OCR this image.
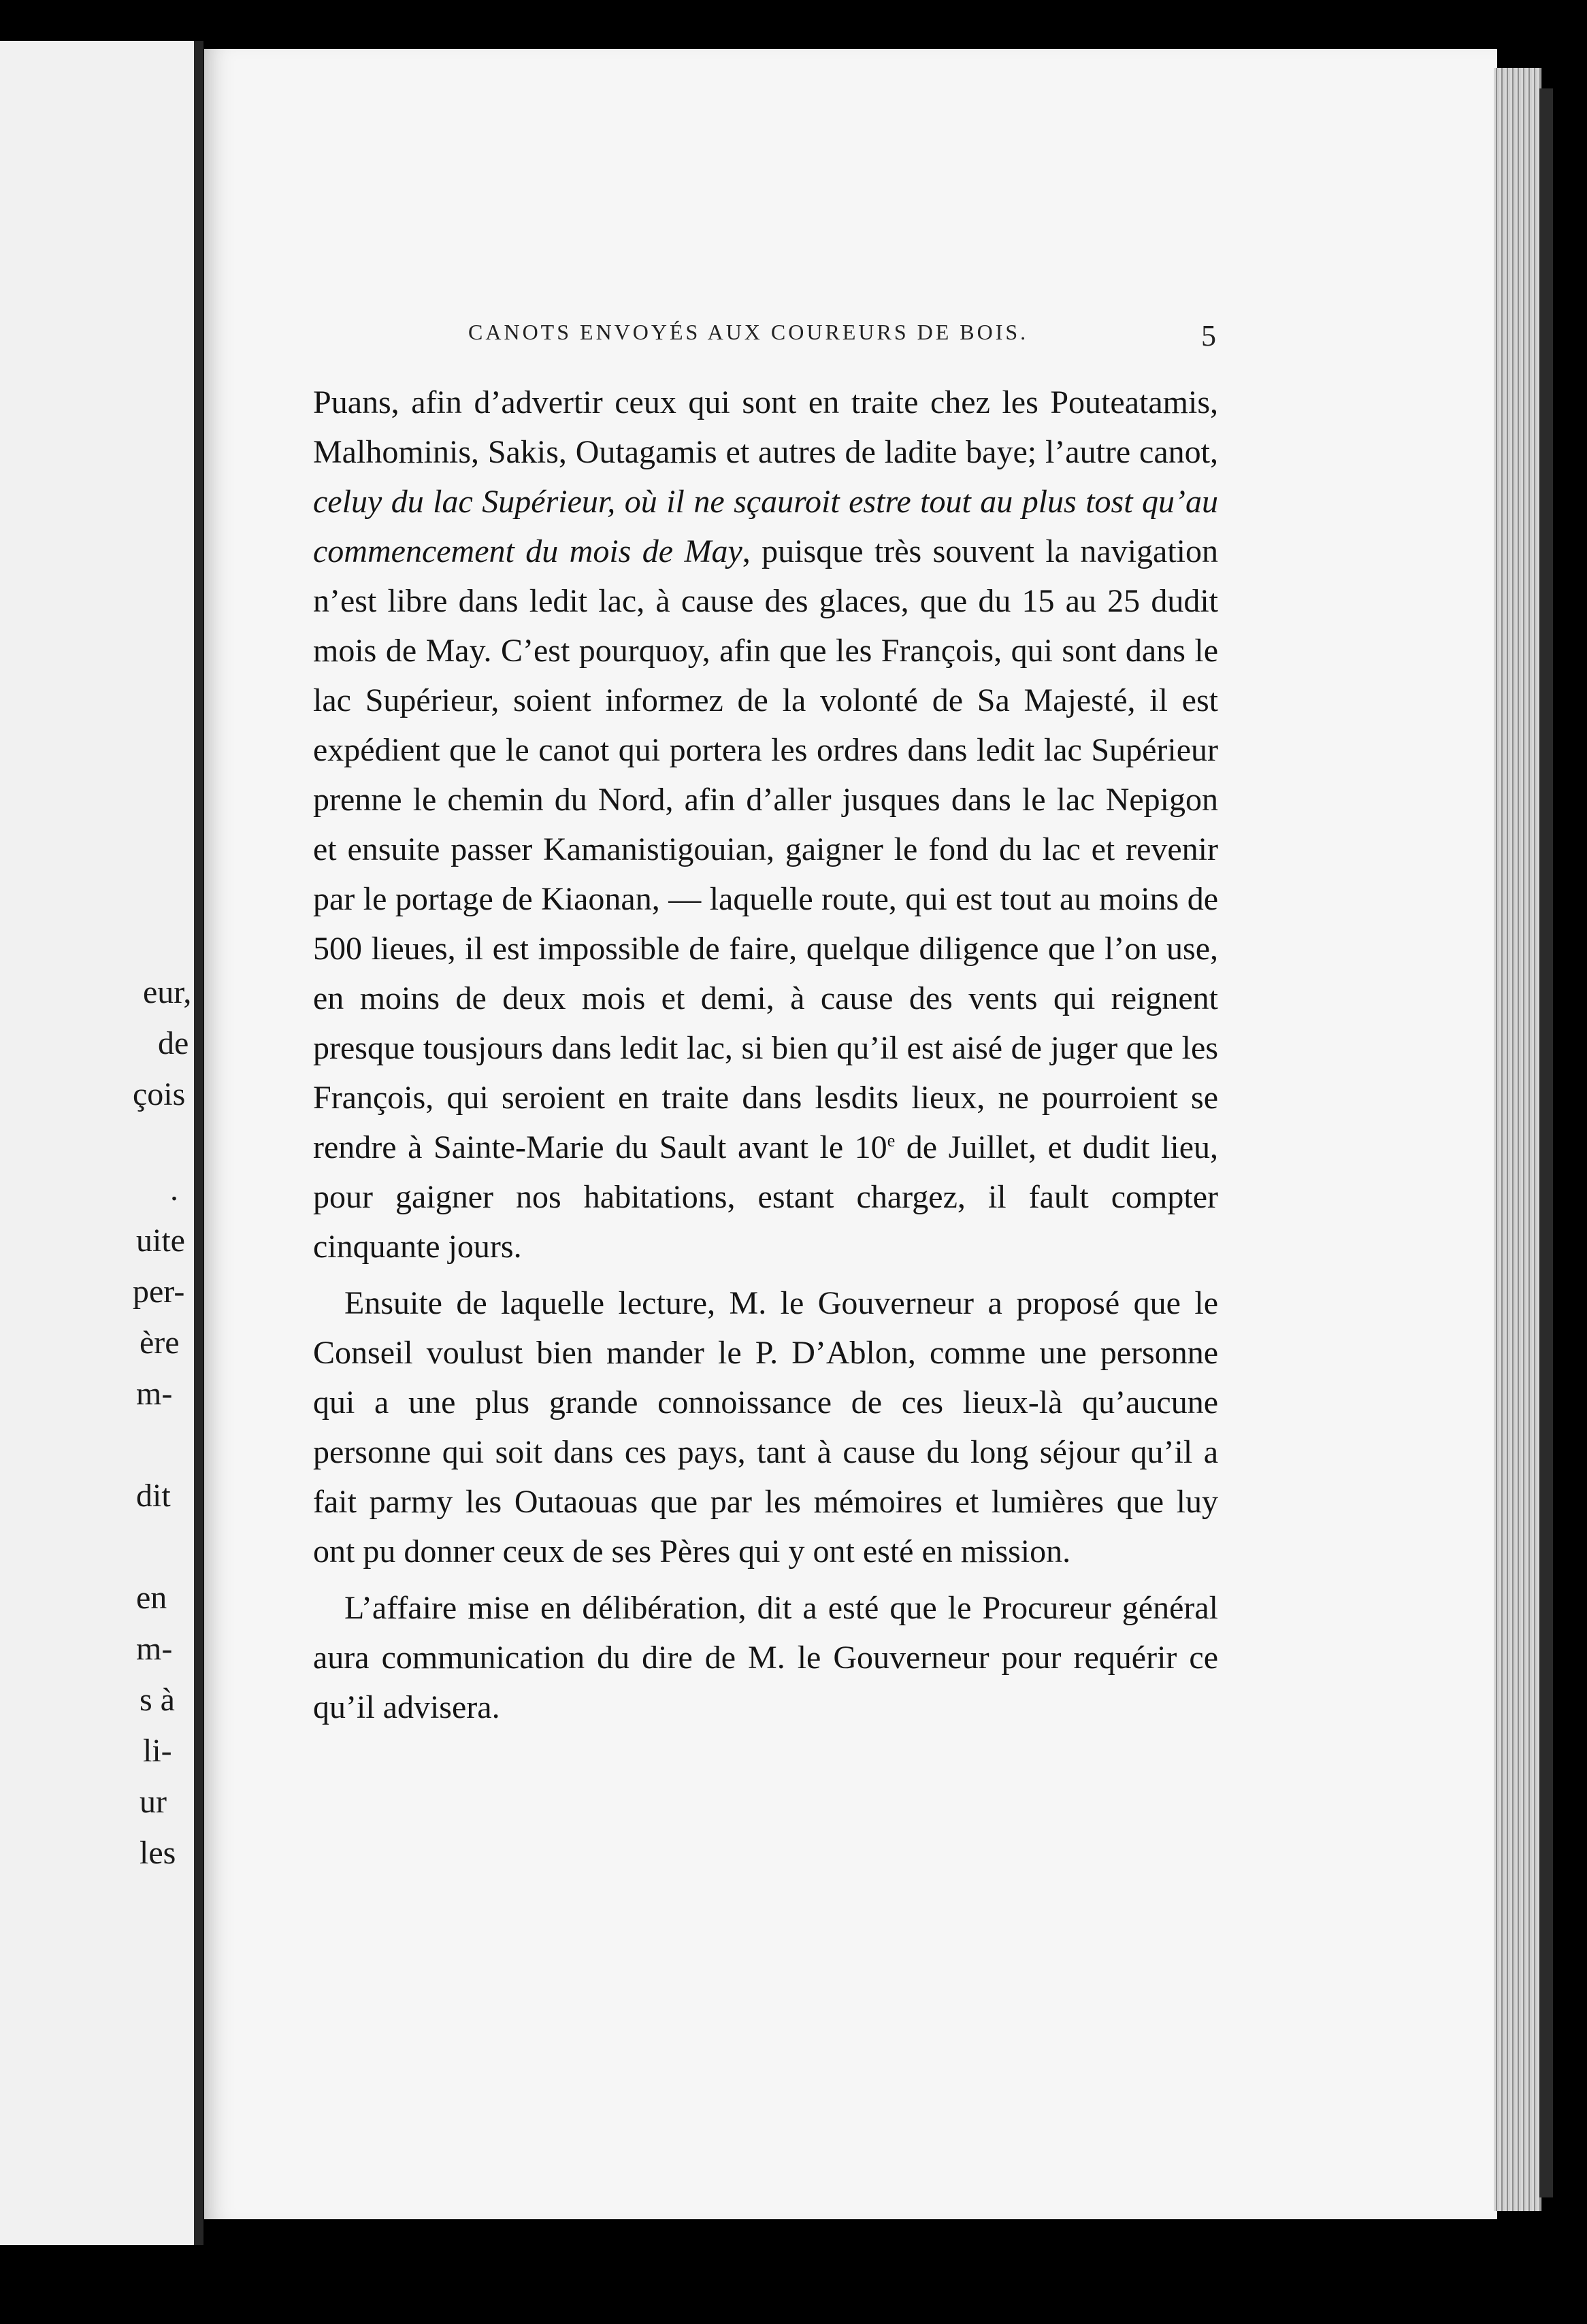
eur,
de
çois
.
uite
per-
ère
m-
dit
en
m-
s à
li-
ur
les
CANOTS ENVOYÉS AUX COUREURS DE BOIS.	5

Puans, afin d’advertir ceux qui sont en traite chez les Pouteatamis, Malhominis, Sakis, Outagamis et autres de ladite baye; l’autre canot, celuy du lac Supérieur, où il ne sçauroit estre tout au plus tost qu’au commencement du mois de May, puisque très souvent la navigation n’est libre dans ledit lac, à cause des glaces, que du 15 au 25 dudit mois de May. C’est pourquoy, afin que les François, qui sont dans le lac Supérieur, soient informez de la volonté de Sa Majesté, il est expédient que le canot qui portera les ordres dans ledit lac Supérieur prenne le chemin du Nord, afin d’aller jusques dans le lac Nepigon et ensuite passer Kamanistigouian, gaigner le fond du lac et revenir par le portage de Kiaonan, — laquelle route, qui est tout au moins de 500 lieues, il est impossible de faire, quelque diligence que l’on use, en moins de deux mois et demi, à cause des vents qui reignent presque tousjours dans ledit lac, si bien qu’il est aisé de juger que les François, qui seroient en traite dans lesdits lieux, ne pourroient se rendre à Sainte-Marie du Sault avant le 10e de Juillet, et dudit lieu, pour gaigner nos habitations, estant chargez, il fault compter cinquante jours.

Ensuite de laquelle lecture, M. le Gouverneur a proposé que le Conseil voulust bien mander le P. D’Ablon, comme une personne qui a une plus grande connoissance de ces lieux-là qu’aucune personne qui soit dans ces pays, tant à cause du long séjour qu’il a fait parmy les Outaouas que par les mémoires et lumières que luy ont pu donner ceux de ses Pères qui y ont esté en mission.

L’affaire mise en délibération, dit a esté que le Procureur général aura communication du dire de M. le Gouverneur pour requérir ce qu’il advisera.
